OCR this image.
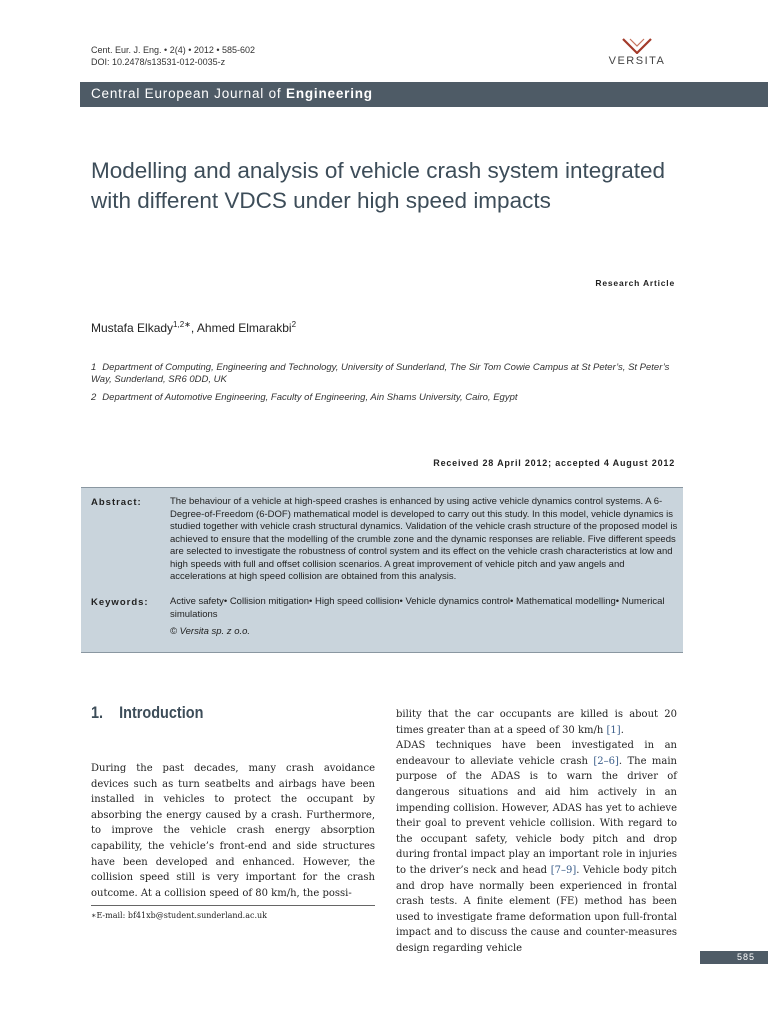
Cent. Eur. J. Eng. • 2(4) • 2012 • 585-602
DOI: 10.2478/s13531-012-0035-z	VERSITA
Central European Journal of Engineering
Modelling and analysis of vehicle crash system integrated with different VDCS under high speed impacts
Research Article
Mustafa Elkady$^{1,2∗}$, Ahmed Elmarakbi$^2$
1 Department of Computing, Engineering and Technology, University of Sunderland, The Sir Tom Cowie Campus at St Peter’s, St Peter’s Way, Sunderland, SR6 0DD, UK
2 Department of Automotive Engineering, Faculty of Engineering, Ain Shams University, Cairo, Egypt
Received 28 April 2012; accepted 4 August 2012
Abstract:	The behaviour of a vehicle at high-speed crashes is enhanced by using active vehicle dynamics control systems. A 6-Degree-of-Freedom (6-DOF) mathematical model is developed to carry out this study. In this model, vehicle dynamics is studied together with vehicle crash structural dynamics. Validation of the vehicle crash structure of the proposed model is achieved to ensure that the modelling of the crumble zone and the dynamic responses are reliable. Five different speeds are selected to investigate the robustness of control system and its effect on the vehicle crash characteristics at low and high speeds with full and offset collision scenarios. A great improvement of vehicle pitch and yaw angels and accelerations at high speed collision are obtained from this analysis.
Keywords: Active safety• Collision mitigation• High speed collision• Vehicle dynamics control• Mathematical modelling• Numerical simulations
© Versita sp. z o.o.
1. Introduction
During the past decades, many crash avoidance devices such as turn seatbelts and airbags have been installed in vehicles to protect the occupant by absorbing the energy caused by a crash. Furthermore, to improve the vehicle crash energy absorption capability, the vehicle’s front-end and side structures have been developed and enhanced. However, the collision speed still is very important for the crash outcome. At a collision speed of 80 km/h, the possi-
bility that the car occupants are killed is about 20 times greater than at a speed of 30 km/h [1].
ADAS techniques have been investigated in an endeavour to alleviate vehicle crash [2–6]. The main purpose of the ADAS is to warn the driver of dangerous situations and aid him actively in an impending collision. However, ADAS has yet to achieve their goal to prevent vehicle collision. With regard to the occupant safety, vehicle body pitch and drop during frontal impact play an important role in injuries to the driver’s neck and head [7–9]. Vehicle body pitch and drop have normally been experienced in frontal crash tests. A finite element (FE) method has been used to investigate frame deformation upon full-frontal impact and to discuss the cause and counter-measures design regarding vehicle
∗E-mail: bf41xb@student.sunderland.ac.uk
585
